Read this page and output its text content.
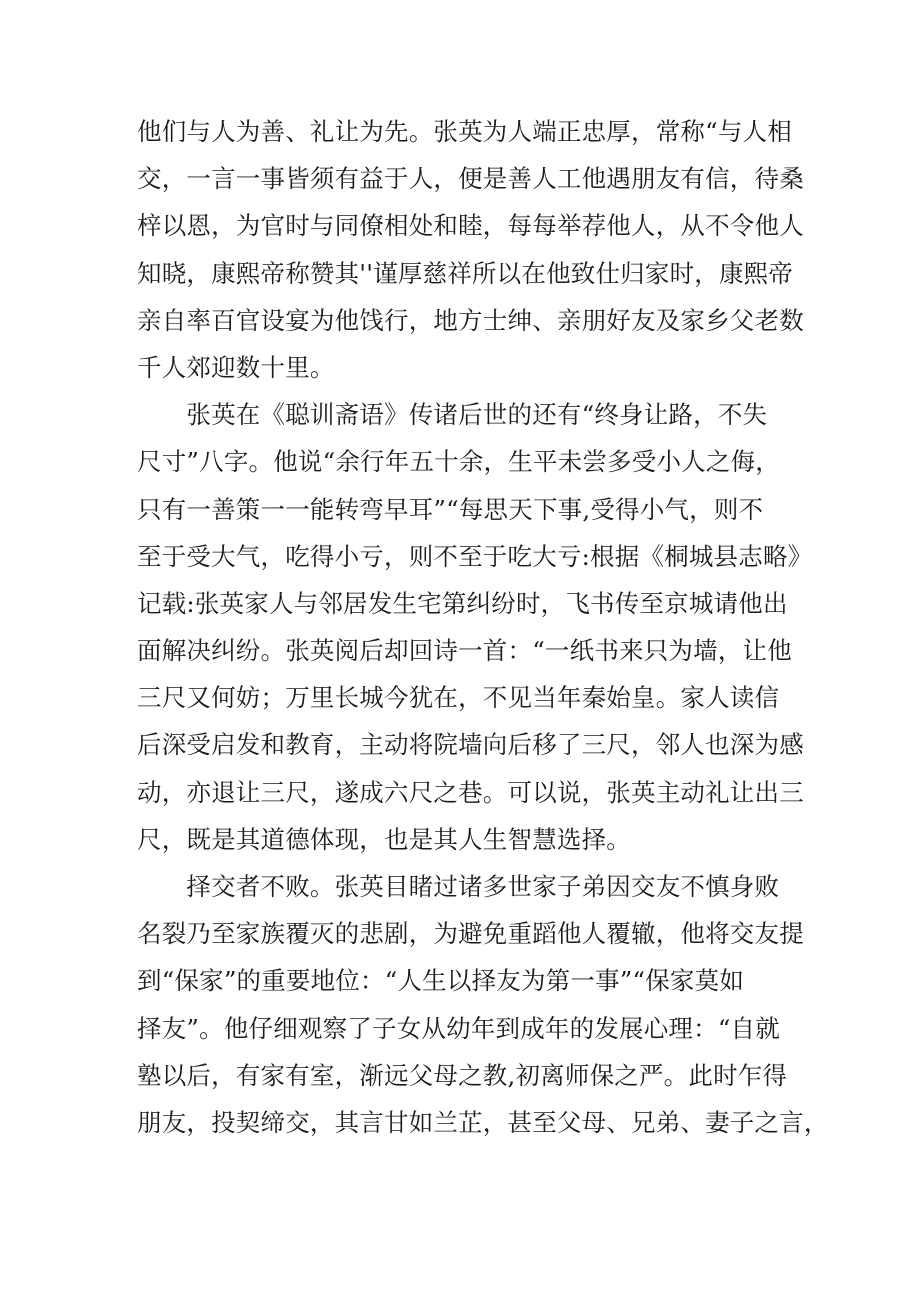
他们与人为善、礼让为先。张英为人端正忠厚，常称“与人相
交，一言一事皆须有益于人，便是善人工他遇朋友有信，待桑
梓以恩，为官时与同僚相处和睦，每每举荐他人，从不令他人
知晓，康熙帝称赞其''谨厚慈祥所以在他致仕归家时，康熙帝
亲自率百官设宴为他饯行，地方士绅、亲朋好友及家乡父老数
千人郊迎数十里。
　　张英在《聪训斋语》传诸后世的还有“终身让路，不失
尺寸”八字。他说“余行年五十余，生平未尝多受小人之侮，
只有一善策一一能转弯早耳”“每思天下事,受得小气，则不
至于受大气，吃得小亏，则不至于吃大亏:根据《桐城县志略》
记载:张英家人与邻居发生宅第纠纷时，飞书传至京城请他出
面解决纠纷。张英阅后却回诗一首：“一纸书来只为墙，让他
三尺又何妨；万里长城今犹在，不见当年秦始皇。家人读信
后深受启发和教育，主动将院墙向后移了三尺，邻人也深为感
动，亦退让三尺，遂成六尺之巷。可以说，张英主动礼让出三
尺，既是其道德体现，也是其人生智慧选择。
　　择交者不败。张英目睹过诸多世家子弟因交友不慎身败
名裂乃至家族覆灭的悲剧，为避免重蹈他人覆辙，他将交友提
到“保家”的重要地位：“人生以择友为第一事”“保家莫如
择友”。他仔细观察了子女从幼年到成年的发展心理：“自就
塾以后，有家有室，渐远父母之教,初离师保之严。此时乍得
朋友，投契缔交，其言甘如兰芷，甚至父母、兄弟、妻子之言，
